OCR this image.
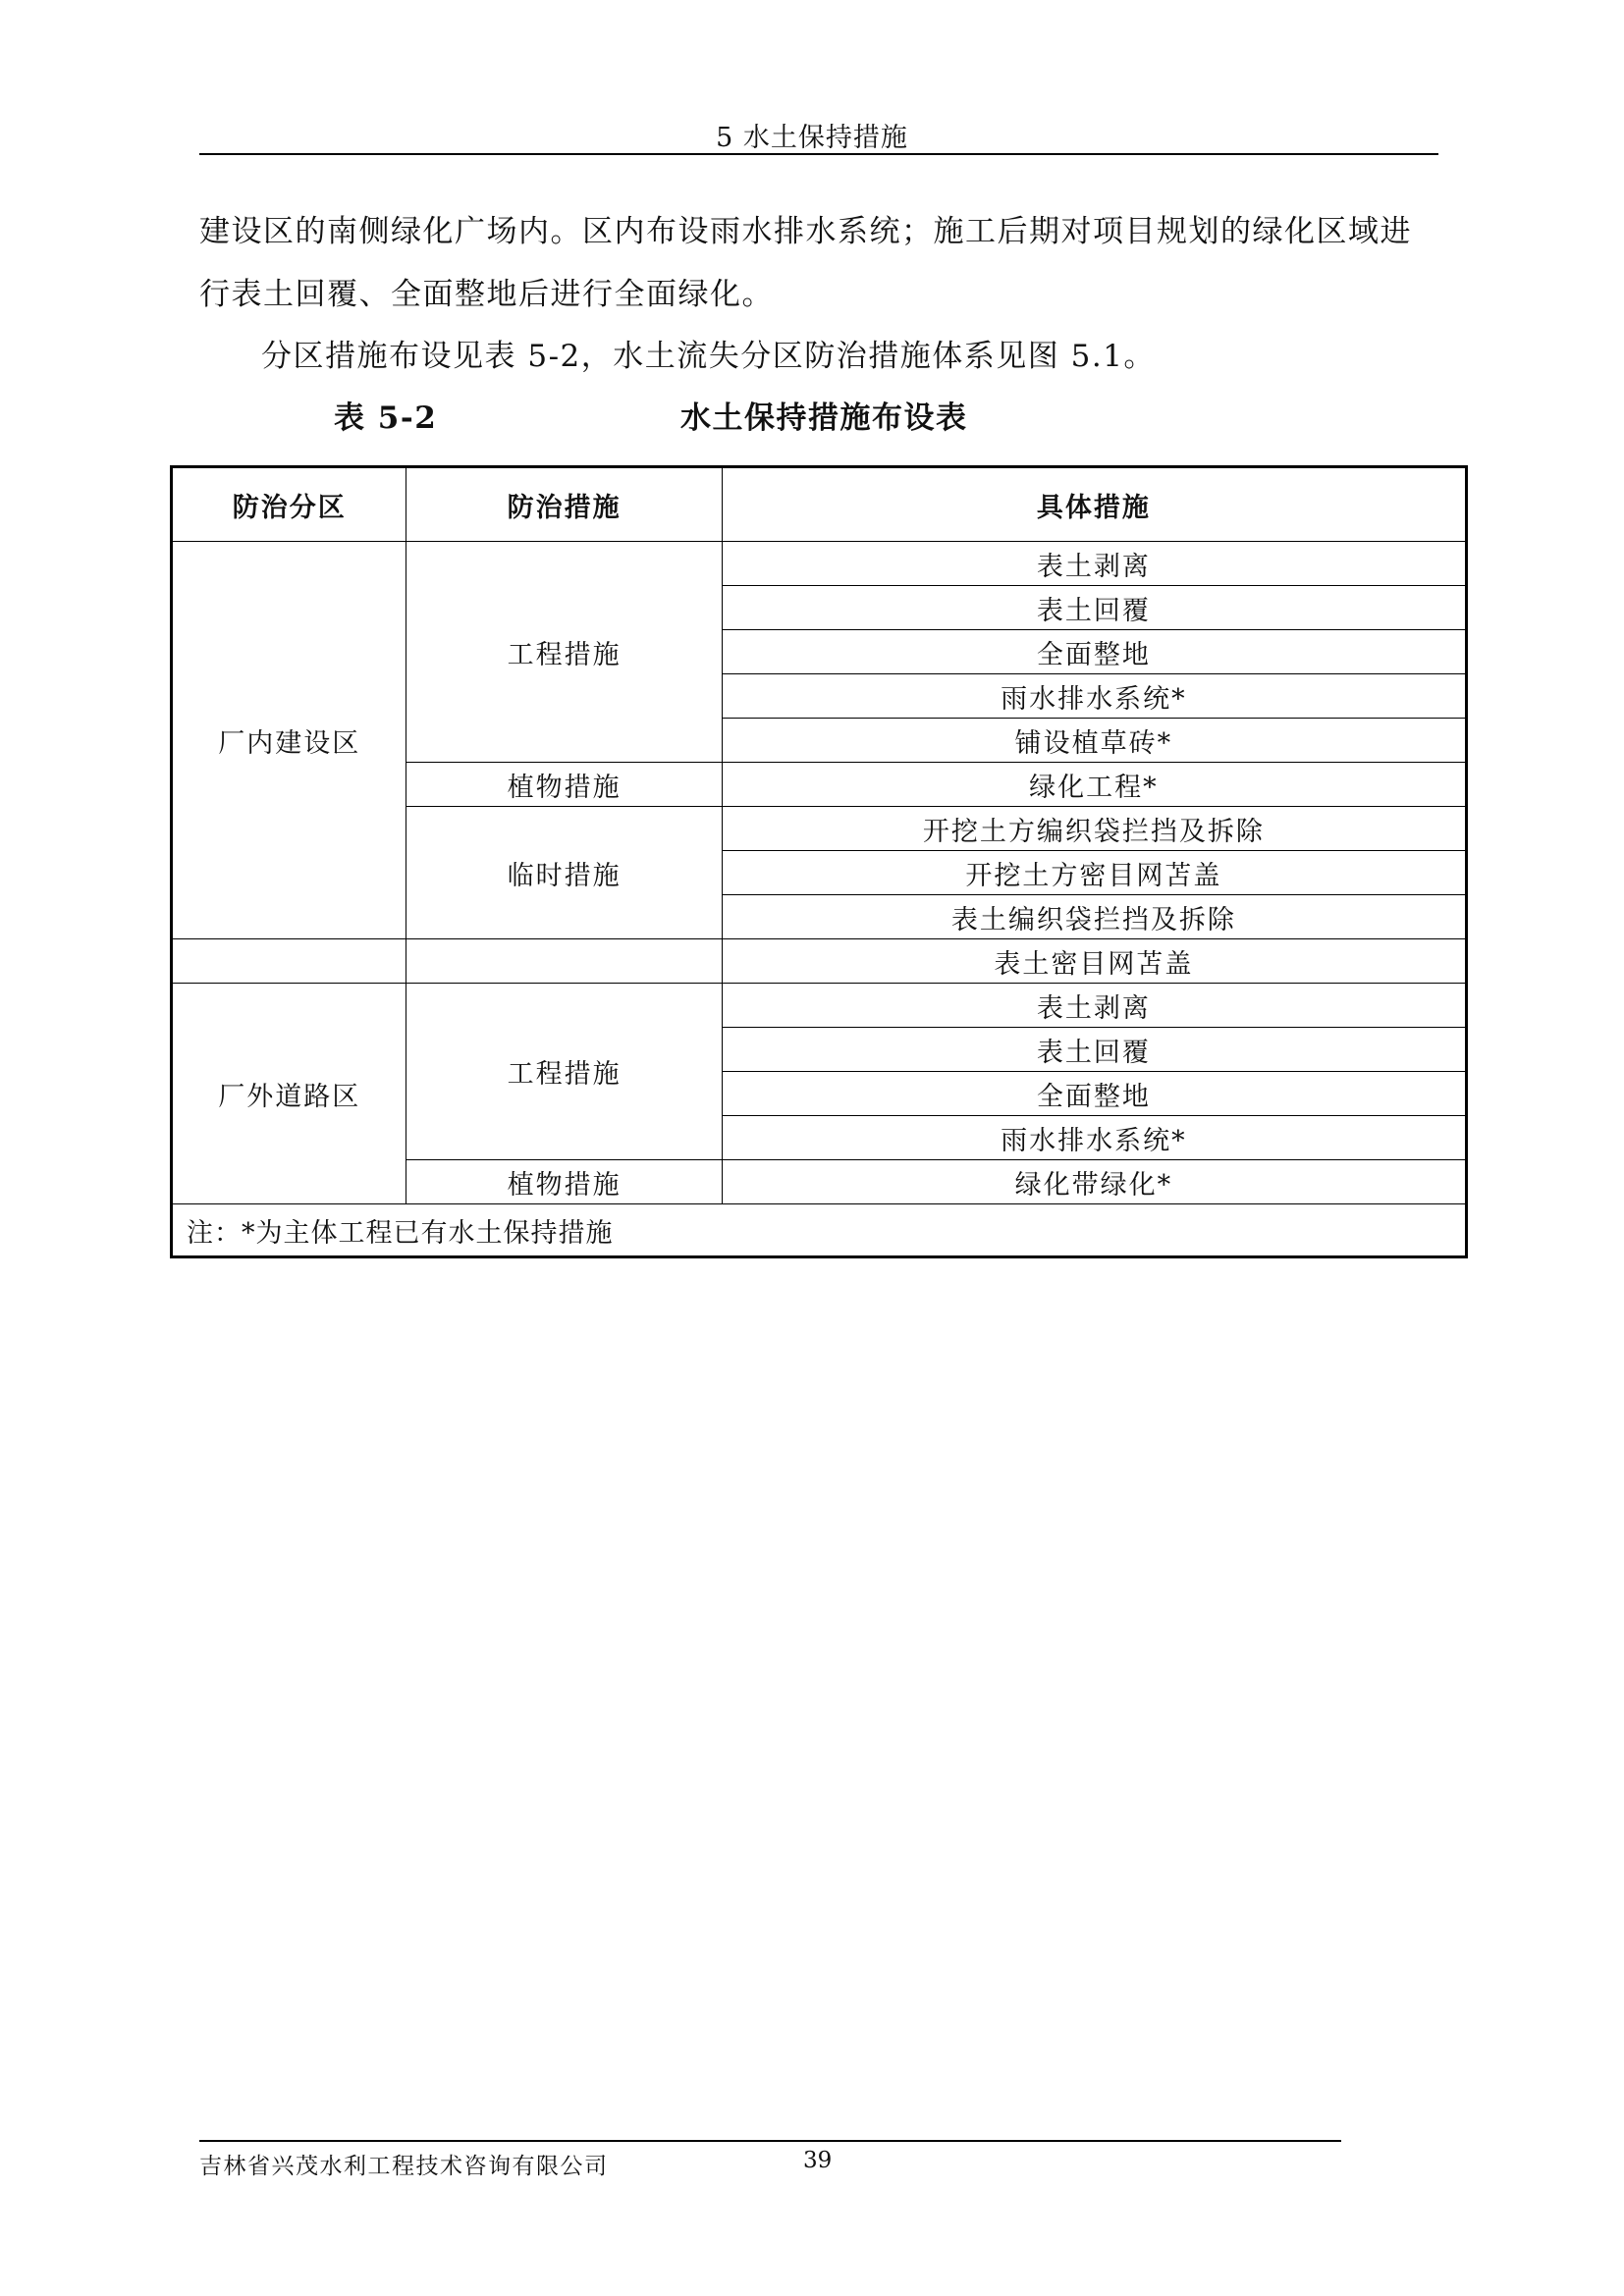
5 水土保持措施
建设区的南侧绿化广场内。区内布设雨水排水系统；施工后期对项目规划的绿化区域进
行表土回覆、全面整地后进行全面绿化。
分区措施布设见表 5-2，水土流失分区防治措施体系见图 5.1。
表 5-2	水土保持措施布设表
防治分区	防治措施	具体措施
厂内建设区	工程措施	表土剥离
		表土回覆
		全面整地
		雨水排水系统*
		铺设植草砖*
	植物措施	绿化工程*
	临时措施	开挖土方编织袋拦挡及拆除
		开挖土方密目网苫盖
		表土编织袋拦挡及拆除
		表土密目网苫盖
厂外道路区	工程措施	表土剥离
		表土回覆
		全面整地
		雨水排水系统*
	植物措施	绿化带绿化*
注：*为主体工程已有水土保持措施		
吉林省兴茂水利工程技术咨询有限公司	39
